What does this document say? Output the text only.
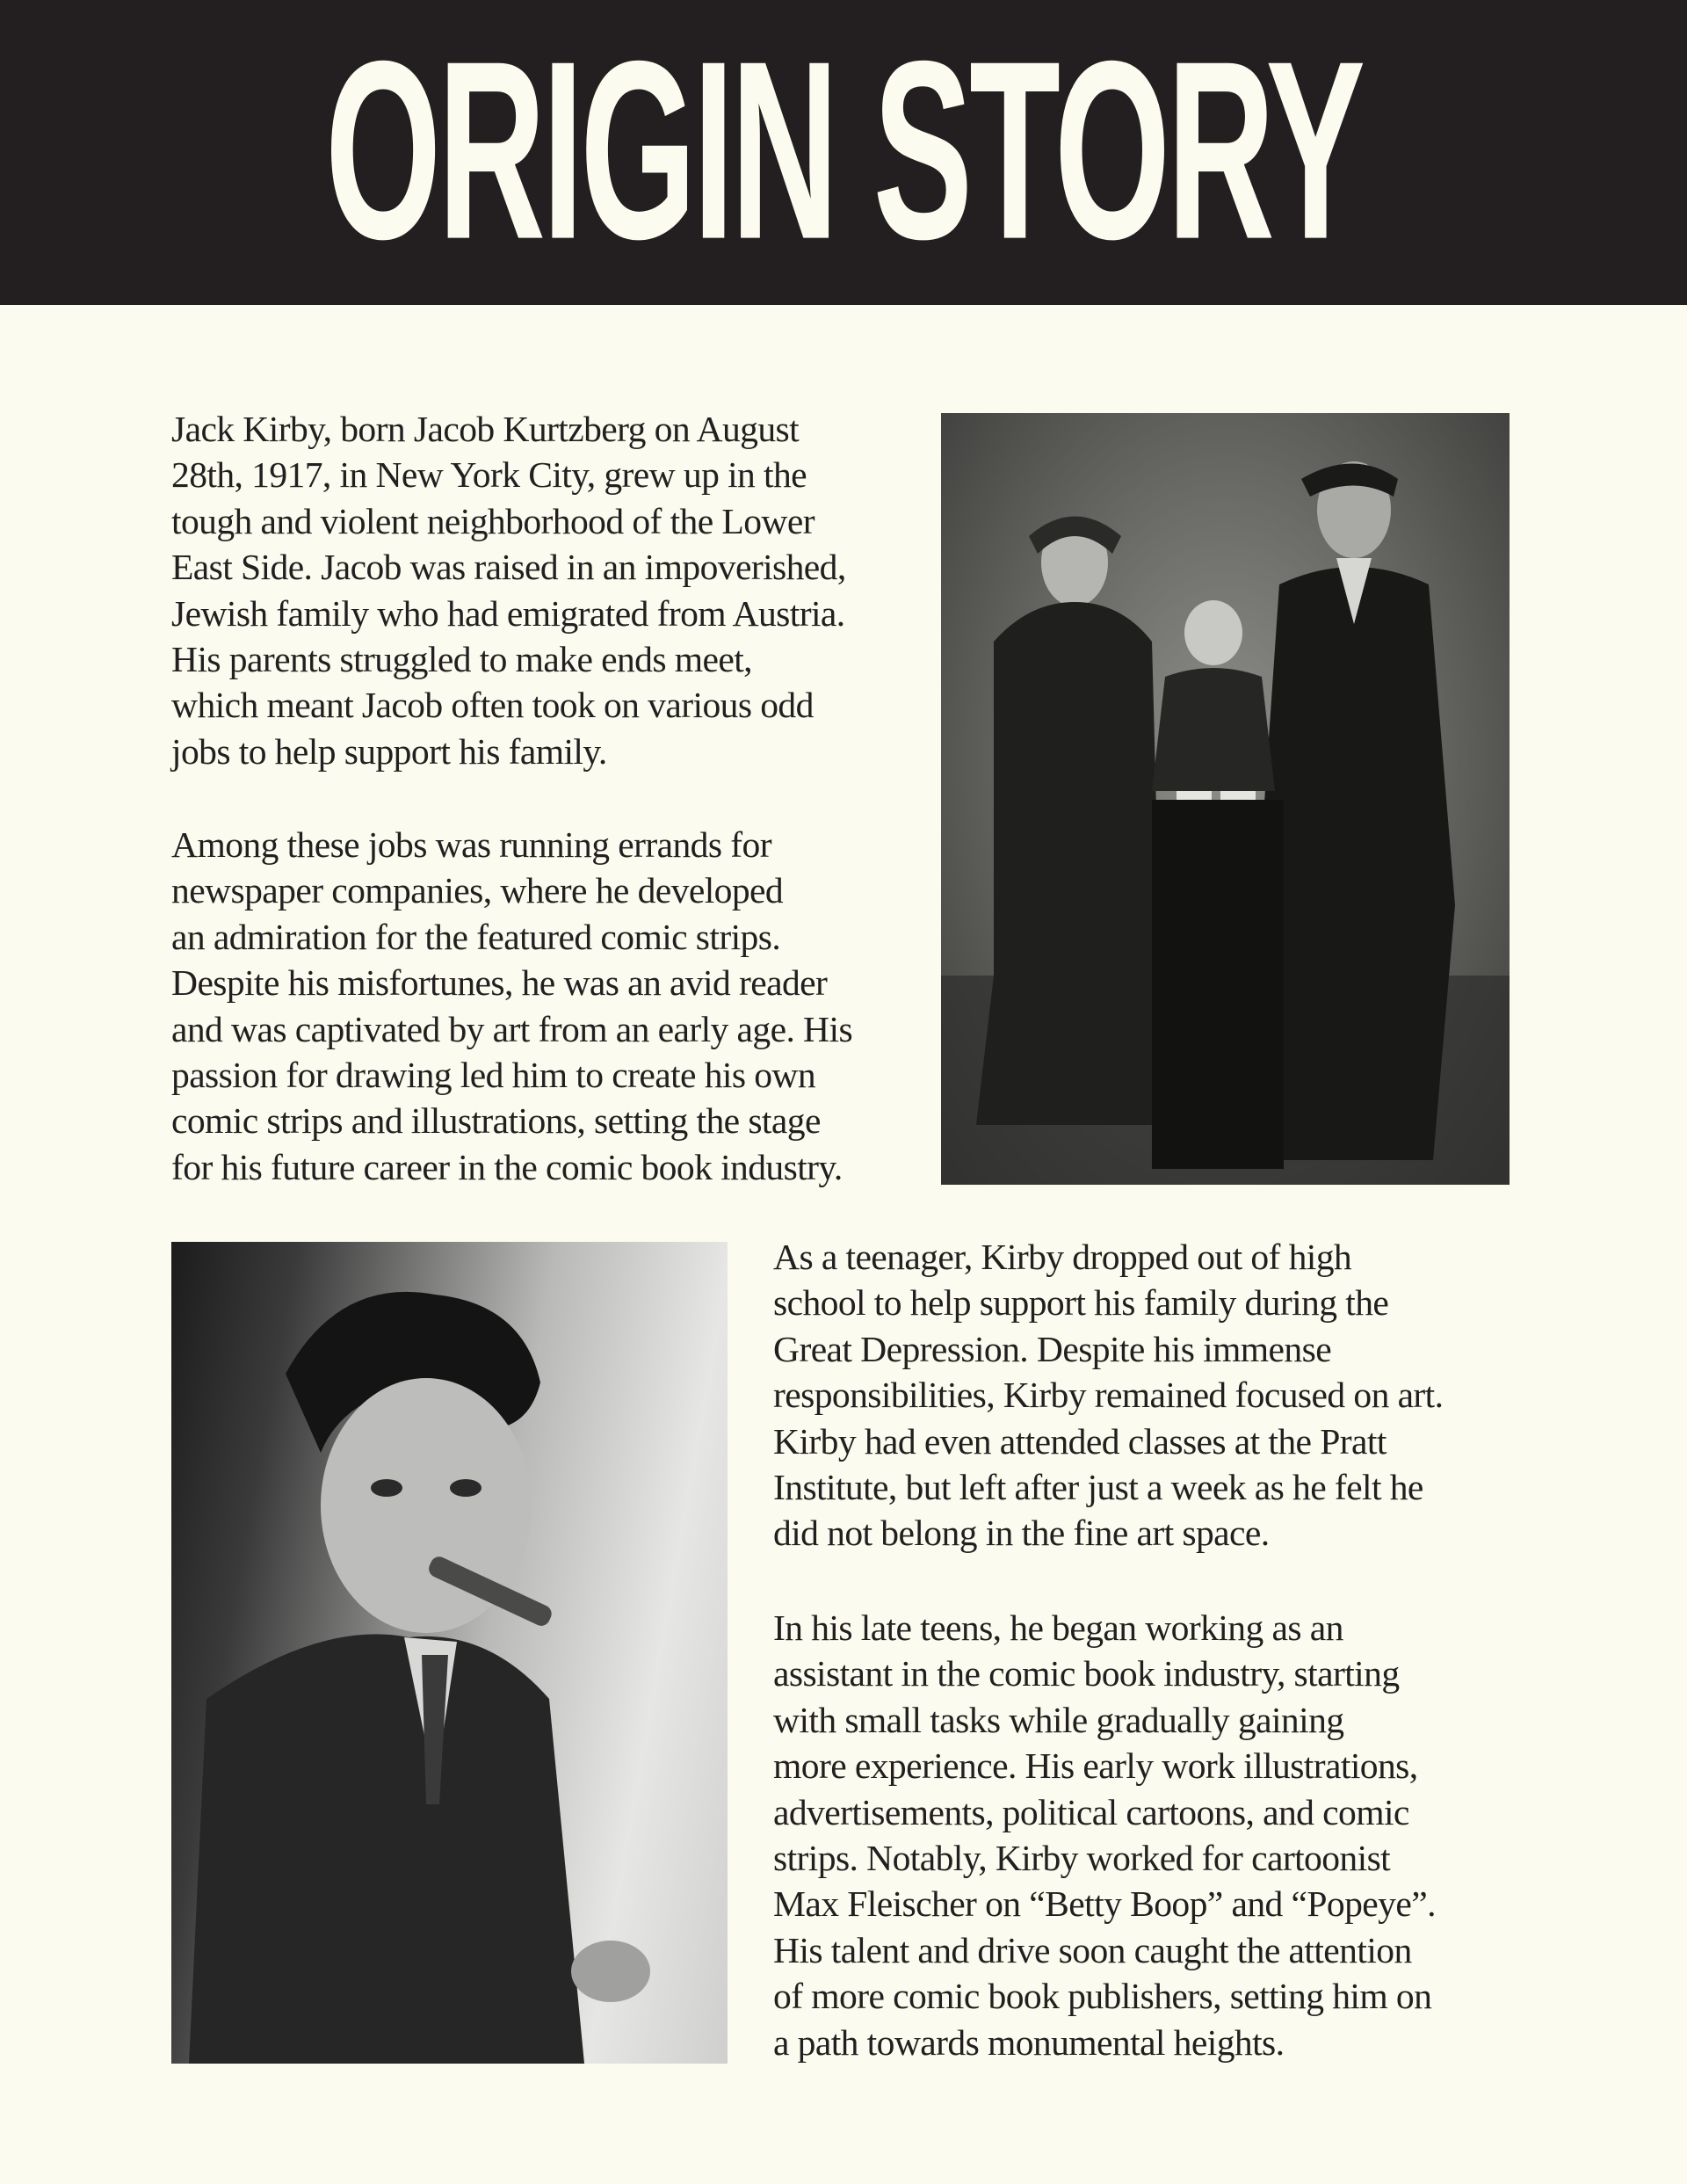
ORIGIN STORY
Jack Kirby, born Jacob Kurtzberg on August
28th, 1917, in New York City, grew up in the
tough and violent neighborhood of the Lower
East Side. Jacob was raised in an impoverished,
Jewish family who had emigrated from Austria.
His parents struggled to make ends meet,
which meant Jacob often took on various odd
jobs to help support his family.
Among these jobs was running errands for
newspaper companies, where he developed
an admiration for the featured comic strips.
Despite his misfortunes, he was an avid reader
and was captivated by art from an early age. His
passion for drawing led him to create his own
comic strips and illustrations, setting the stage
for his future career in the comic book industry.
As a teenager, Kirby dropped out of high
school to help support his family during the
Great Depression. Despite his immense
responsibilities, Kirby remained focused on art.
Kirby had even attended classes at the Pratt
Institute, but left after just a week as he felt he
did not belong in the fine art space.
In his late teens, he began working as an
assistant in the comic book industry, starting
with small tasks while gradually gaining
more experience. His early work illustrations,
advertisements, political cartoons, and comic
strips. Notably, Kirby worked for cartoonist
Max Fleischer on “Betty Boop” and “Popeye”.
His talent and drive soon caught the attention
of more comic book publishers, setting him on
a path towards monumental heights.
